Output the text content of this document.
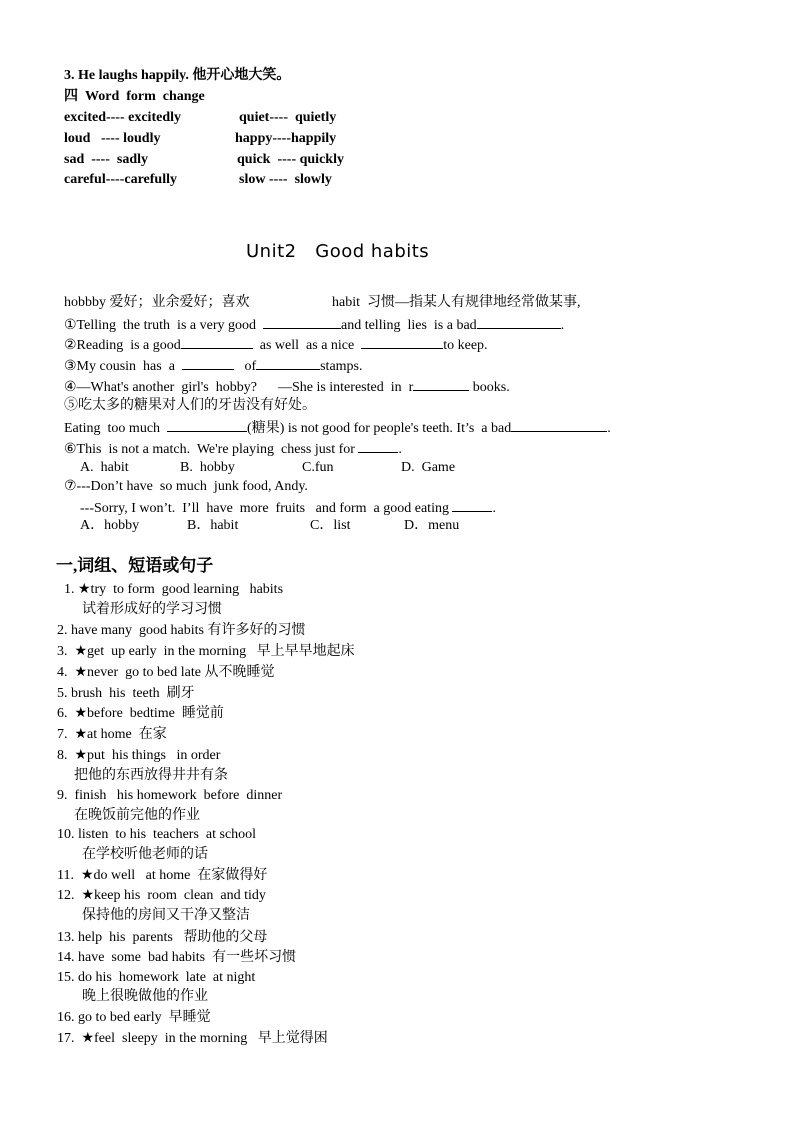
3. He laughs happily. 他开心地大笑。
四  Word  form  change
excited---- excitedly	quiet----  quietly
loud   ---- loudly	happy----happily
sad  ----  sadly	quick  ---- quickly
careful----carefully	slow ----  slowly
Unit2   Good habits
hobbby 爱好；业余爱好；喜欢	habit  习惯—指某人有规律地经常做某事,
①Telling  the truth  is a very good	and telling  lies  is a bad	.
②Reading  is a good	as well  as a nice	to keep.
③My cousin  has  a	of	stamps.
④—What's another  girl's  hobby?      —She is interested  in  r	books.
⑤吃太多的糖果对人们的牙齿没有好处。
Eating  too much	(糖果) is not good for people's teeth. It’s  a bad	.
⑥This  is not a match.  We're playing  chess just for	.
A.  habit	B.  hobby	C.fun	D.  Game
⑦---Don’t have  so much  junk food, Andy.
---Sorry, I won’t.  I’ll  have  more  fruits   and form  a good eating	.
A．hobby	B．habit	C．list	D．menu
一,词组、短语或句子
1. ★try  to form  good learning   habits
试着形成好的学习习惯
2. have many  good habits 有许多好的习惯
3.  ★get  up early  in the morning   早上早早地起床
4.  ★never  go to bed late 从不晚睡觉
5. brush  his  teeth  刷牙
6.  ★before  bedtime  睡觉前
7.  ★at home  在家
8.  ★put  his things   in order
把他的东西放得井井有条
9.  finish   his homework  before  dinner
在晚饭前完他的作业
10. listen  to his  teachers  at school
在学校听他老师的话
11.  ★do well   at home  在家做得好
12.  ★keep his  room  clean  and tidy
保持他的房间又干净又整洁
13. help  his  parents   帮助他的父母
14. have  some  bad habits  有一些坏习惯
15. do his  homework  late  at night
晚上很晚做他的作业
16. go to bed early  早睡觉
17.  ★feel  sleepy  in the morning   早上觉得困
